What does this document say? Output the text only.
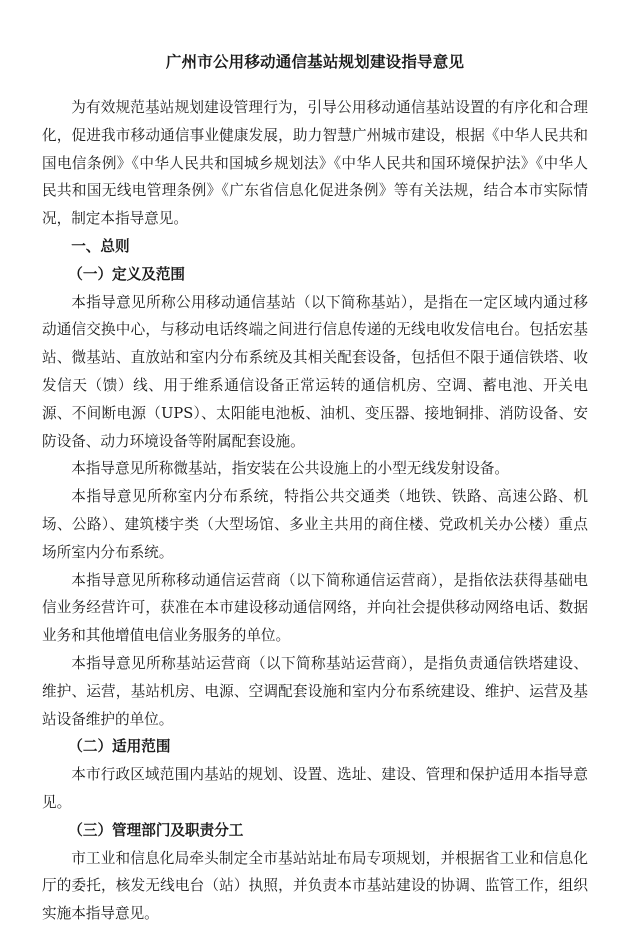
广州市公用移动通信基站规划建设指导意见

为有效规范基站规划建设管理行为，引导公用移动通信基站设置的有序化和合理化，促进我市移动通信事业健康发展，助力智慧广州城市建设，根据《中华人民共和国电信条例》《中华人民共和国城乡规划法》《中华人民共和国环境保护法》《中华人民共和国无线电管理条例》《广东省信息化促进条例》等有关法规，结合本市实际情况，制定本指导意见。

一、总则

（一）定义及范围

本指导意见所称公用移动通信基站（以下简称基站），是指在一定区域内通过移动通信交换中心，与移动电话终端之间进行信息传递的无线电收发信电台。包括宏基站、微基站、直放站和室内分布系统及其相关配套设备，包括但不限于通信铁塔、收发信天（馈）线、用于维系通信设备正常运转的通信机房、空调、蓄电池、开关电源、不间断电源（UPS）、太阳能电池板、油机、变压器、接地铜排、消防设备、安防设备、动力环境设备等附属配套设施。

本指导意见所称微基站，指安装在公共设施上的小型无线发射设备。

本指导意见所称室内分布系统，特指公共交通类（地铁、铁路、高速公路、机场、公路）、建筑楼宇类（大型场馆、多业主共用的商住楼、党政机关办公楼）重点场所室内分布系统。

本指导意见所称移动通信运营商（以下简称通信运营商），是指依法获得基础电信业务经营许可，获准在本市建设移动通信网络，并向社会提供移动网络电话、数据业务和其他增值电信业务服务的单位。

本指导意见所称基站运营商（以下简称基站运营商），是指负责通信铁塔建设、维护、运营，基站机房、电源、空调配套设施和室内分布系统建设、维护、运营及基站设备维护的单位。

（二）适用范围

本市行政区域范围内基站的规划、设置、选址、建设、管理和保护适用本指导意见。

（三）管理部门及职责分工

市工业和信息化局牵头制定全市基站站址布局专项规划，并根据省工业和信息化厅的委托，核发无线电台（站）执照，并负责本市基站建设的协调、监管工作，组织实施本指导意见。
